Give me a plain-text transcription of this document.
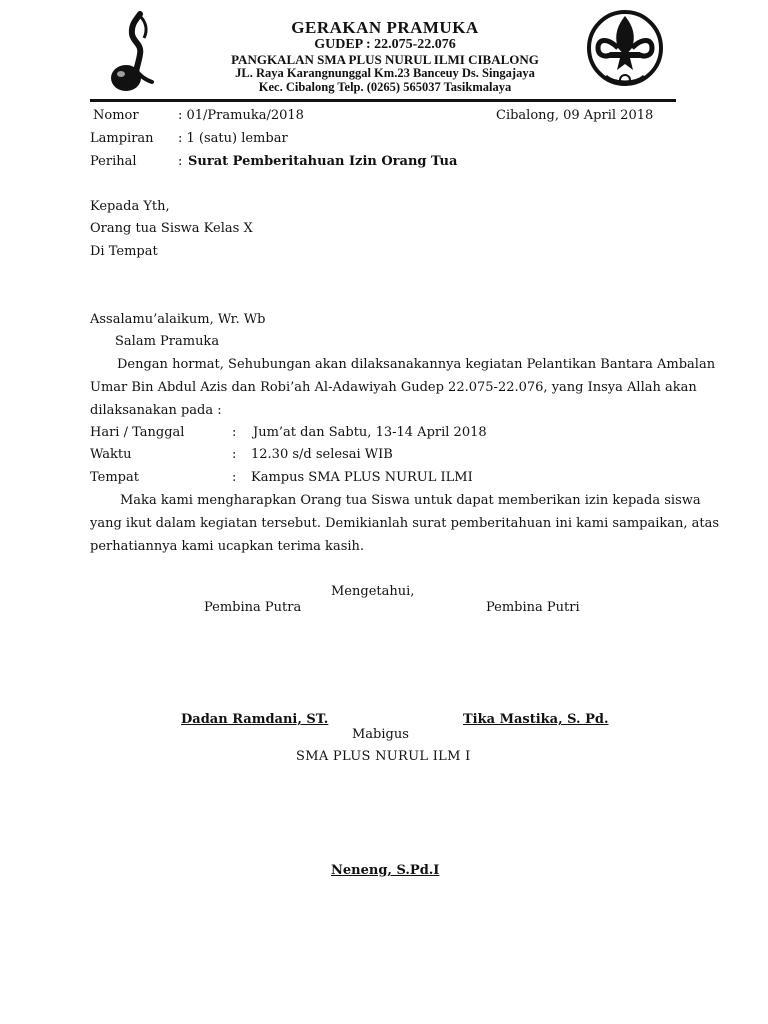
GERAKAN PRAMUKA
GUDEP : 22.075-22.076
PANGKALAN SMA PLUS NURUL ILMI CIBALONG
JL. Raya Karangnunggal Km.23 Banceuy Ds. Singajaya
Kec. Cibalong Telp. (0265) 565037 Tasikmalaya
Nomor	: 01/Pramuka/2018	Cibalong, 09 April 2018
Lampiran : 1 (satu) lembar
Perihal	: Surat Pemberitahuan Izin Orang Tua
Kepada Yth,
Orang tua Siswa Kelas X
Di Tempat
Assalamu’alaikum, Wr. Wb
Salam Pramuka
Dengan hormat, Sehubungan akan dilaksanakannya kegiatan Pelantikan Bantara Ambalan
Umar Bin Abdul Azis dan Robi’ah Al-Adawiyah Gudep 22.075-22.076, yang Insya Allah akan
dilaksanakan pada :
Hari / Tanggal	: Jum’at dan Sabtu, 13-14 April 2018
Waktu	: 12.30 s/d selesai WIB
Tempat	: Kampus SMA PLUS NURUL ILMI
Maka kami mengharapkan Orang tua Siswa untuk dapat memberikan izin kepada siswa
yang ikut dalam kegiatan tersebut. Demikianlah surat pemberitahuan ini kami sampaikan, atas
perhatiannya kami ucapkan terima kasih.
Mengetahui,
Pembina Putra	Pembina Putri
Dadan Ramdani, ST.	Tika Mastika, S. Pd.
Mabigus
SMA PLUS NURUL ILM I
Neneng, S.Pd.I
